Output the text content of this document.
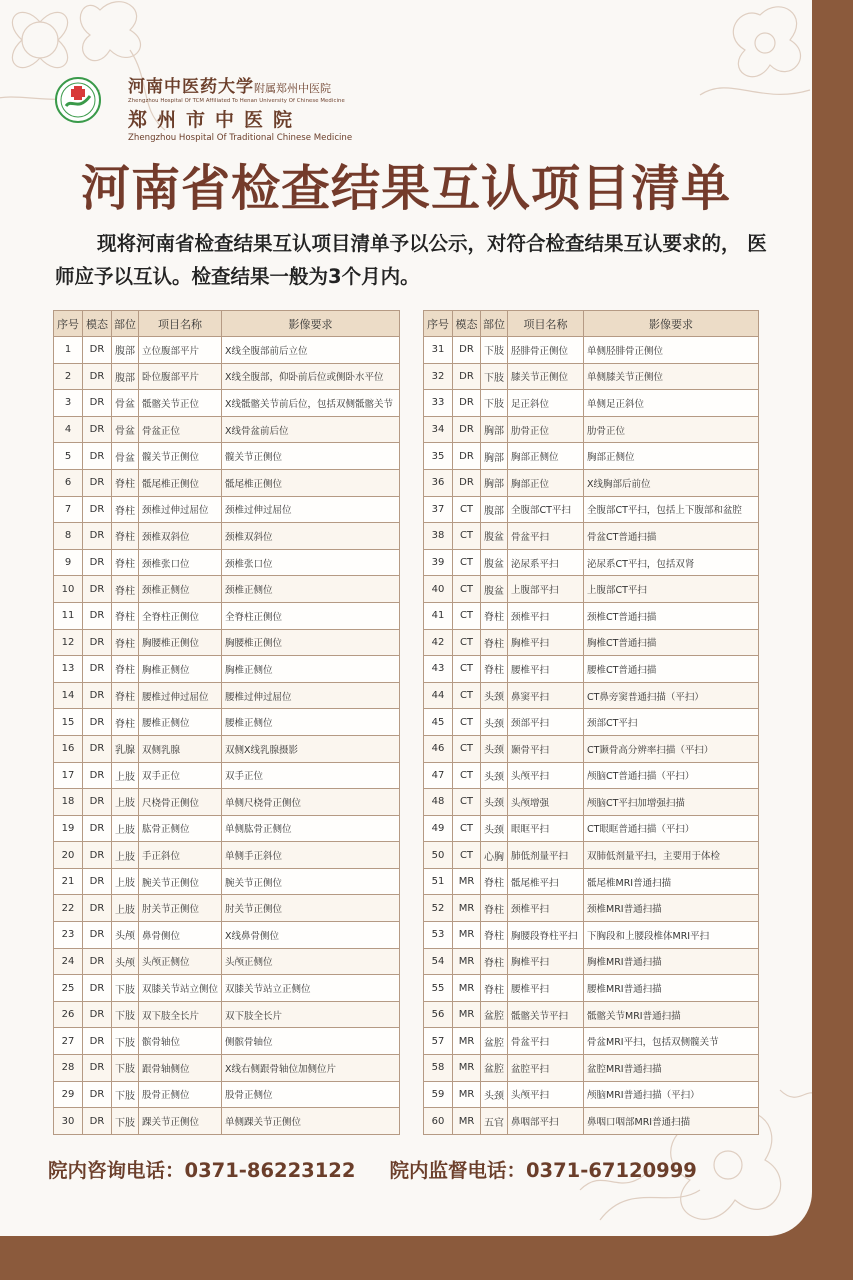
河南中医药大学附属郑州中医院
Zhengzhou Hospital Of TCM Affiliated To Henan University Of Chinese Medicine
郑州市中医院
Zhengzhou Hospital Of Traditional Chinese Medicine
河南省检查结果互认项目清单
现将河南省检查结果互认项目清单予以公示，对符合检查结果互认要求的， 医师应予以互认。检查结果一般为3个月内。
序号	模态	部位	项目名称	影像要求
1	DR	腹部	立位腹部平片	X线全腹部前后立位
2	DR	腹部	卧位腹部平片	X线全腹部，仰卧前后位或侧卧水平位
3	DR	骨盆	骶髂关节正位	X线骶髂关节前后位，包括双侧骶髂关节
4	DR	骨盆	骨盆正位	X线骨盆前后位
5	DR	骨盆	髋关节正侧位	髋关节正侧位
6	DR	脊柱	骶尾椎正侧位	骶尾椎正侧位
7	DR	脊柱	颈椎过伸过屈位	颈椎过伸过屈位
8	DR	脊柱	颈椎双斜位	颈椎双斜位
9	DR	脊柱	颈椎张口位	颈椎张口位
10	DR	脊柱	颈椎正侧位	颈椎正侧位
11	DR	脊柱	全脊柱正侧位	全脊柱正侧位
12	DR	脊柱	胸腰椎正侧位	胸腰椎正侧位
13	DR	脊柱	胸椎正侧位	胸椎正侧位
14	DR	脊柱	腰椎过伸过屈位	腰椎过伸过屈位
15	DR	脊柱	腰椎正侧位	腰椎正侧位
16	DR	乳腺	双侧乳腺	双侧X线乳腺摄影
17	DR	上肢	双手正位	双手正位
18	DR	上肢	尺桡骨正侧位	单侧尺桡骨正侧位
19	DR	上肢	肱骨正侧位	单侧肱骨正侧位
20	DR	上肢	手正斜位	单侧手正斜位
21	DR	上肢	腕关节正侧位	腕关节正侧位
22	DR	上肢	肘关节正侧位	肘关节正侧位
23	DR	头颅	鼻骨侧位	X线鼻骨侧位
24	DR	头颅	头颅正侧位	头颅正侧位
25	DR	下肢	双膝关节站立侧位	双膝关节站立正侧位
26	DR	下肢	双下肢全长片	双下肢全长片
27	DR	下肢	髌骨轴位	侧髌骨轴位
28	DR	下肢	跟骨轴侧位	X线右侧跟骨轴位加侧位片
29	DR	下肢	股骨正侧位	股骨正侧位
30	DR	下肢	踝关节正侧位	单侧踝关节正侧位
序号	模态	部位	项目名称	影像要求
31	DR	下肢	胫腓骨正侧位	单侧胫腓骨正侧位
32	DR	下肢	膝关节正侧位	单侧膝关节正侧位
33	DR	下肢	足正斜位	单侧足正斜位
34	DR	胸部	肋骨正位	肋骨正位
35	DR	胸部	胸部正侧位	胸部正侧位
36	DR	胸部	胸部正位	X线胸部后前位
37	CT	腹部	全腹部CT平扫	全腹部CT平扫，包括上下腹部和盆腔
38	CT	腹盆	骨盆平扫	骨盆CT普通扫描
39	CT	腹盆	泌尿系平扫	泌尿系CT平扫，包括双肾
40	CT	腹盆	上腹部平扫	上腹部CT平扫
41	CT	脊柱	颈椎平扫	颈椎CT普通扫描
42	CT	脊柱	胸椎平扫	胸椎CT普通扫描
43	CT	脊柱	腰椎平扫	腰椎CT普通扫描
44	CT	头颈	鼻窦平扫	CT鼻旁窦普通扫描（平扫）
45	CT	头颈	颈部平扫	颈部CT平扫
46	CT	头颈	颞骨平扫	CT颞骨高分辨率扫描（平扫）
47	CT	头颈	头颅平扫	颅脑CT普通扫描（平扫）
48	CT	头颈	头颅增强	颅脑CT平扫加增强扫描
49	CT	头颈	眼眶平扫	CT眼眶普通扫描（平扫）
50	CT	心胸	肺低剂量平扫	双肺低剂量平扫，主要用于体检
51	MR	脊柱	骶尾椎平扫	骶尾椎MRI普通扫描
52	MR	脊柱	颈椎平扫	颈椎MRI普通扫描
53	MR	脊柱	胸腰段脊柱平扫	下胸段和上腰段椎体MRI平扫
54	MR	脊柱	胸椎平扫	胸椎MRI普通扫描
55	MR	脊柱	腰椎平扫	腰椎MRI普通扫描
56	MR	盆腔	骶髂关节平扫	骶髂关节MRI普通扫描
57	MR	盆腔	骨盆平扫	骨盆MRI平扫，包括双侧髋关节
58	MR	盆腔	盆腔平扫	盆腔MRI普通扫描
59	MR	头颈	头颅平扫	颅脑MRI普通扫描（平扫）
60	MR	五官	鼻咽部平扫	鼻咽口咽部MRI普通扫描
院内咨询电话：0371-86223122 院内监督电话：0371-67120999
